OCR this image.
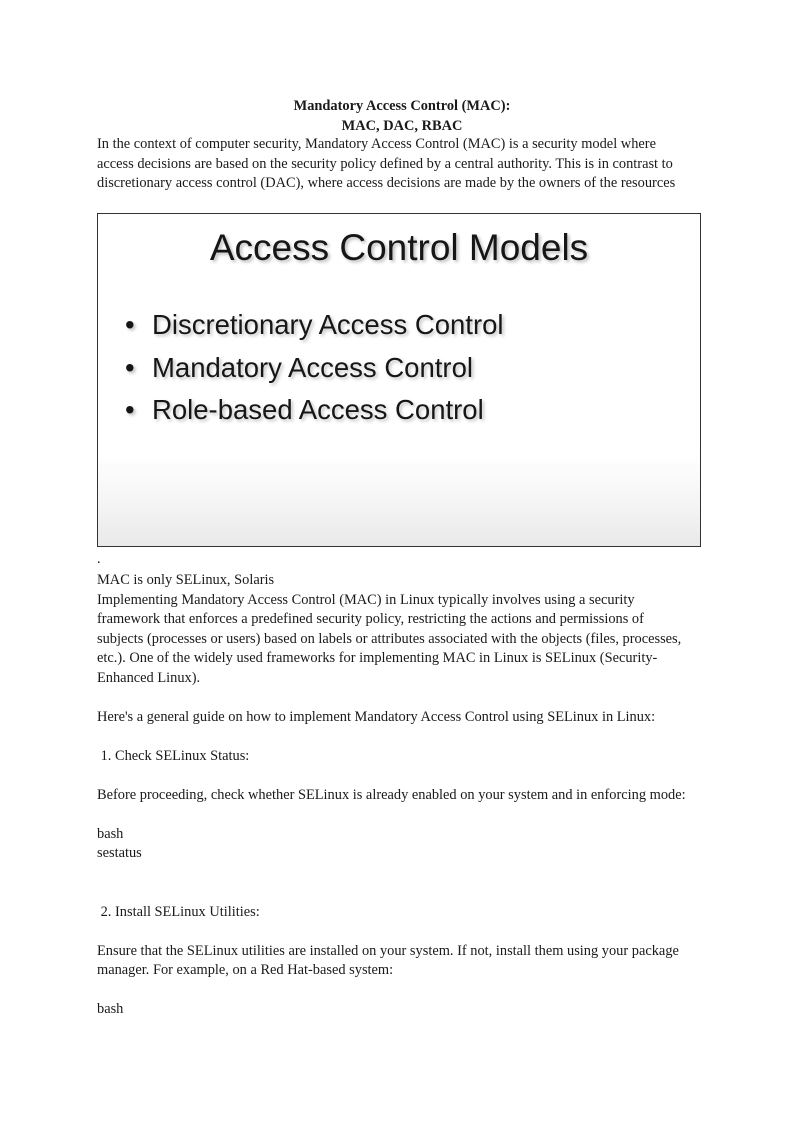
Mandatory Access Control (MAC):

MAC, DAC, RBAC

In the context of computer security, Mandatory Access Control (MAC) is a security model where

access decisions are based on the security policy defined by a central authority. This is in contrast to

discretionary access control (DAC), where access decisions are made by the owners of the resources

Access Control Models
• Discretionary Access Control
• Mandatory Access Control
• Role-based Access Control
.

MAC is only SELinux, Solaris

Implementing Mandatory Access Control (MAC) in Linux typically involves using a security

framework that enforces a predefined security policy, restricting the actions and permissions of

subjects (processes or users) based on labels or attributes associated with the objects (files, processes,

etc.). One of the widely used frameworks for implementing MAC in Linux is SELinux (Security-

Enhanced Linux).

Here's a general guide on how to implement Mandatory Access Control using SELinux in Linux:

1. Check SELinux Status:

Before proceeding, check whether SELinux is already enabled on your system and in enforcing mode:

bash

sestatus

2. Install SELinux Utilities:

Ensure that the SELinux utilities are installed on your system. If not, install them using your package

manager. For example, on a Red Hat-based system:

bash
